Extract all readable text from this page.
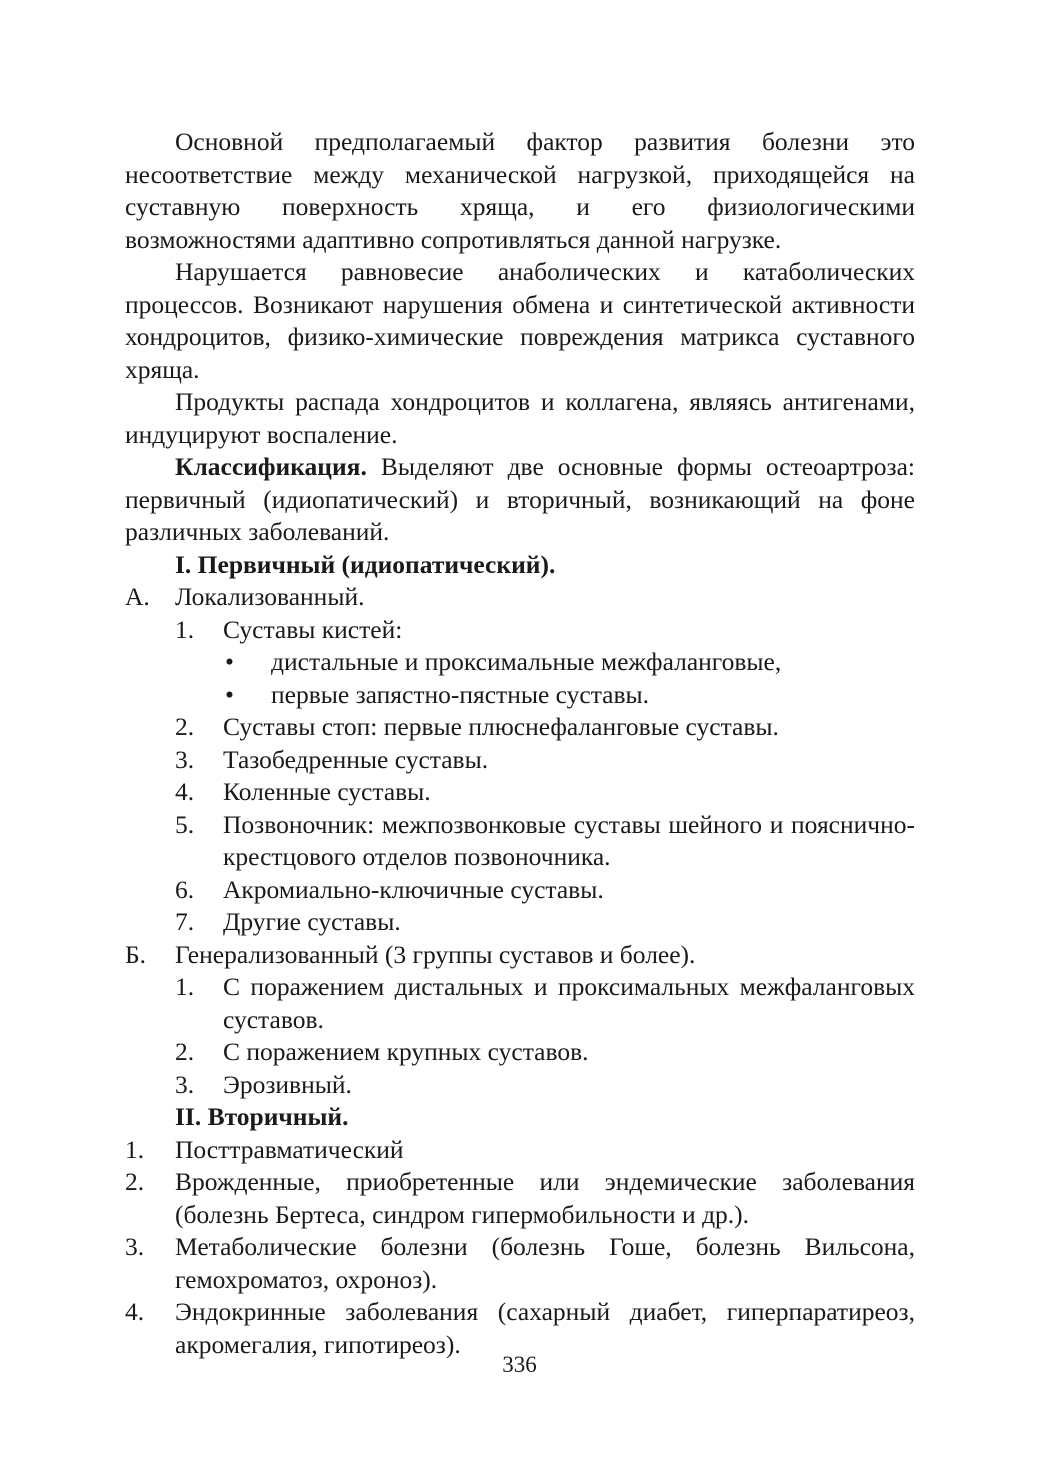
Основной предполагаемый фактор развития болезни это несоответствие между механической нагрузкой, приходящейся на суставную поверхность хряща, и его физиологическими возможностями адаптивно сопротивляться данной нагрузке.

Нарушается равновесие анаболических и катаболических процессов. Возникают нарушения обмена и синтетической активности хондроцитов, физико-химические повреждения матрикса суставного хряща.

Продукты распада хондроцитов и коллагена, являясь антигенами, индуцируют воспаление.

Классификация. Выделяют две основные формы остеоартроза: первичный (идиопатический) и вторичный, возникающий на фоне различных заболеваний.

I. Первичный (идиопатический).

А. Локализованный.
1.	Суставы кистей:
•	дистальные и проксимальные межфаланговые,
•	первые запястно-пястные суставы.
2.	Суставы стоп: первые плюснефаланговые суставы.
3.	Тазобедренные суставы.
4.	Коленные суставы.
5.	Позвоночник: межпозвонковые суставы шейного и пояснично-крестцового отделов позвоночника.
6.	Акромиально-ключичные суставы.
7.	Другие суставы.
Б.	Генерализованный (3 группы суставов и более).
1.	С поражением дистальных и проксимальных межфаланговых суставов.
2.	С поражением крупных суставов.
3.	Эрозивный.

II. Вторичный.

1.	Посттравматический
2.	Врожденные, приобретенные или эндемические заболевания (болезнь Бертеса, синдром гипермобильности и др.).
3.	Метаболические болезни (болезнь Гоше, болезнь Вильсона, гемохроматоз, охроноз).
4.	Эндокринные заболевания (сахарный диабет, гиперпаратиреоз, акромегалия, гипотиреоз).
336
